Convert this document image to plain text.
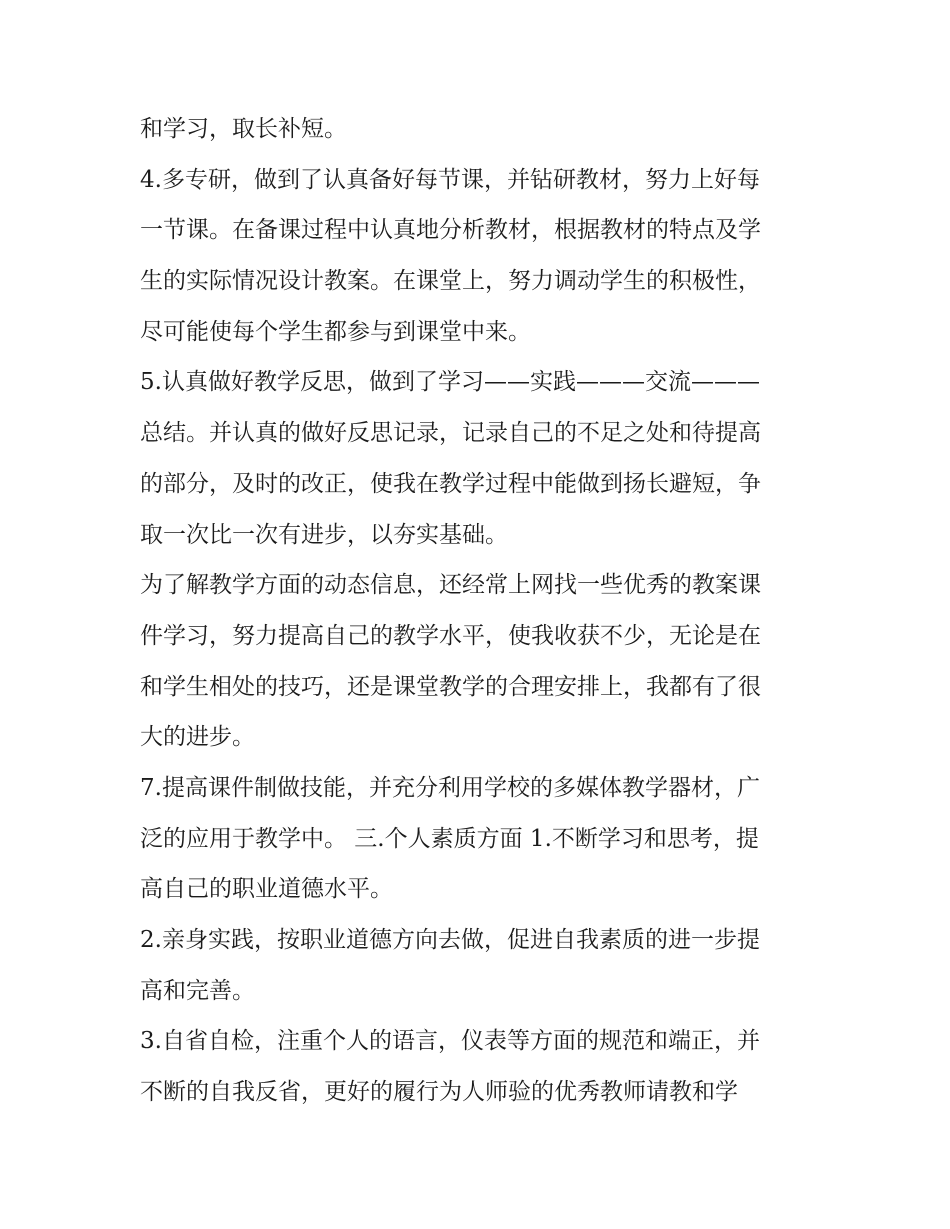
和学习，取长补短。
4.多专研，做到了认真备好每节课，并钻研教材，努力上好每
一节课。在备课过程中认真地分析教材，根据教材的特点及学
生的实际情况设计教案。在课堂上，努力调动学生的积极性，
尽可能使每个学生都参与到课堂中来。
5.认真做好教学反思，做到了学习——实践———交流———
总结。并认真的做好反思记录，记录自己的不足之处和待提高
的部分，及时的改正，使我在教学过程中能做到扬长避短，争
取一次比一次有进步，以夯实基础。
为了解教学方面的动态信息，还经常上网找一些优秀的教案课
件学习，努力提高自己的教学水平，使我收获不少，无论是在
和学生相处的技巧，还是课堂教学的合理安排上，我都有了很
大的进步。
7.提高课件制做技能，并充分利用学校的多媒体教学器材，广
泛的应用于教学中。 三.个人素质方面 1.不断学习和思考，提
高自己的职业道德水平。
2.亲身实践，按职业道德方向去做，促进自我素质的进一步提
高和完善。
3.自省自检，注重个人的语言，仪表等方面的规范和端正，并
不断的自我反省，更好的履行为人师验的优秀教师请教和学
